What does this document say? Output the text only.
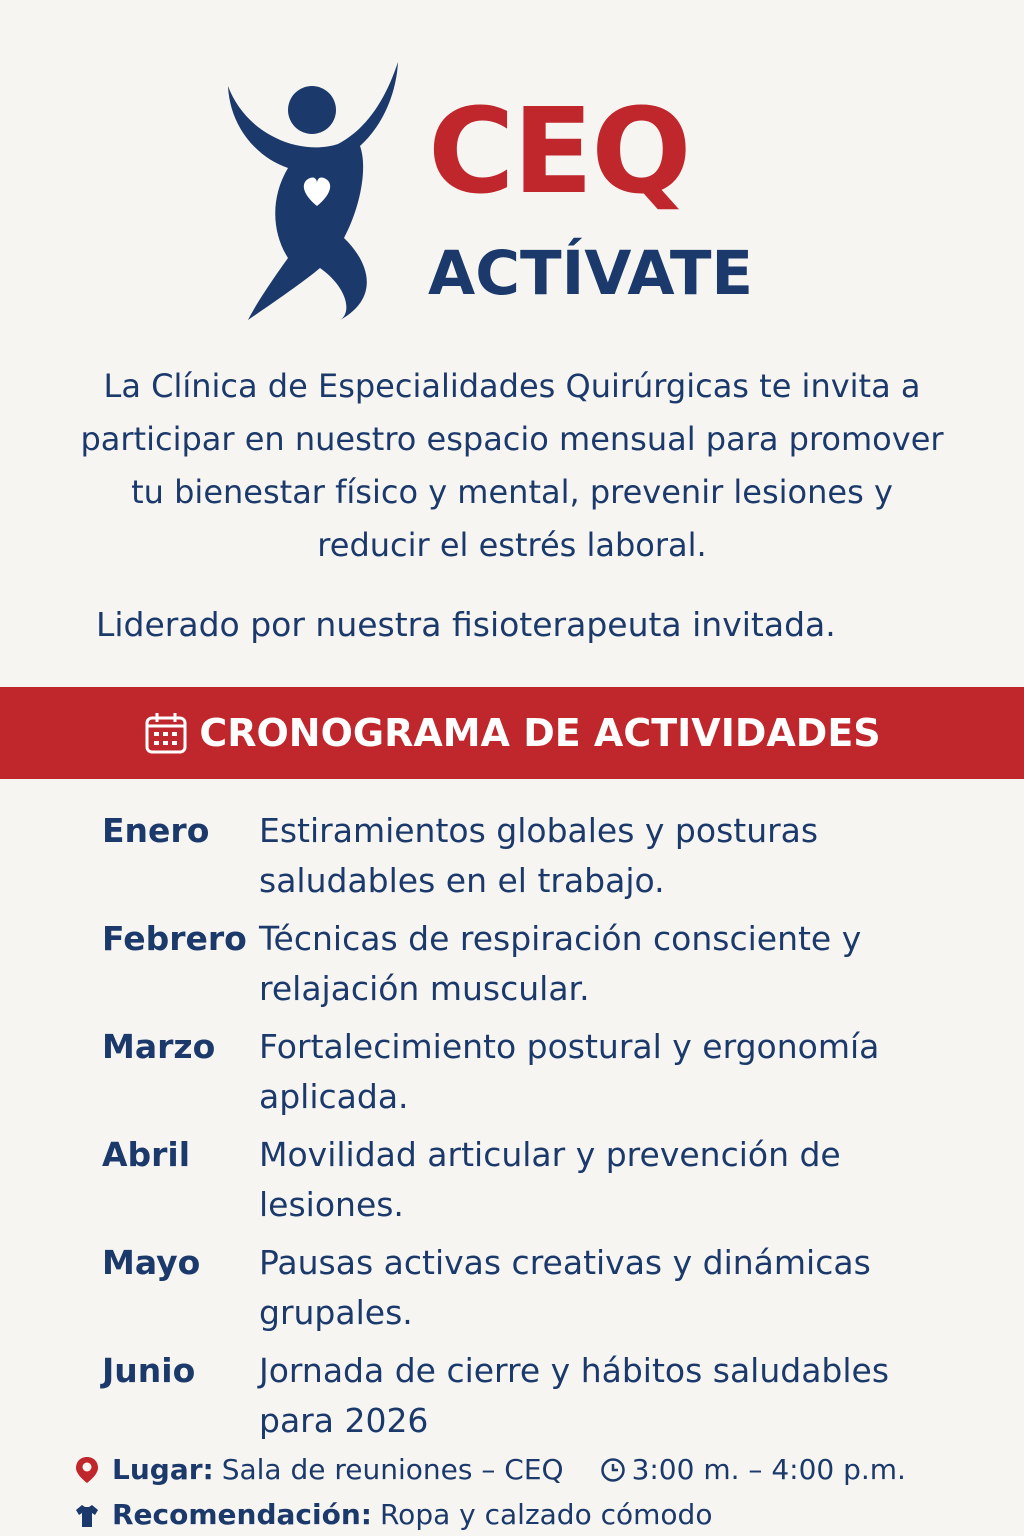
CEQ
ACTÍVATE
La Clínica de Especialidades Quirúrgicas te invita a participar en nuestro espacio mensual para promover tu bienestar físico y mental, prevenir lesiones y reducir el estrés laboral.
Liderado por nuestra fisioterapeuta invitada.
CRONOGRAMA DE ACTIVIDADES
Enero	Estiramientos globales y posturas saludables en el trabajo.
Febrero Técnicas de respiración consciente y relajación muscular.
Marzo	Fortalecimiento postural y ergonomía aplicada.
Abril	Movilidad articular y prevención de lesiones.
Mayo	Pausas activas creativas y dinámicas grupales.
Junio	Jornada de cierre y hábitos saludables para 2026
Lugar: Sala de reuniones – CEQ 3:00 m. – 4:00 p.m.
Recomendación: Ropa y calzado cómodo
